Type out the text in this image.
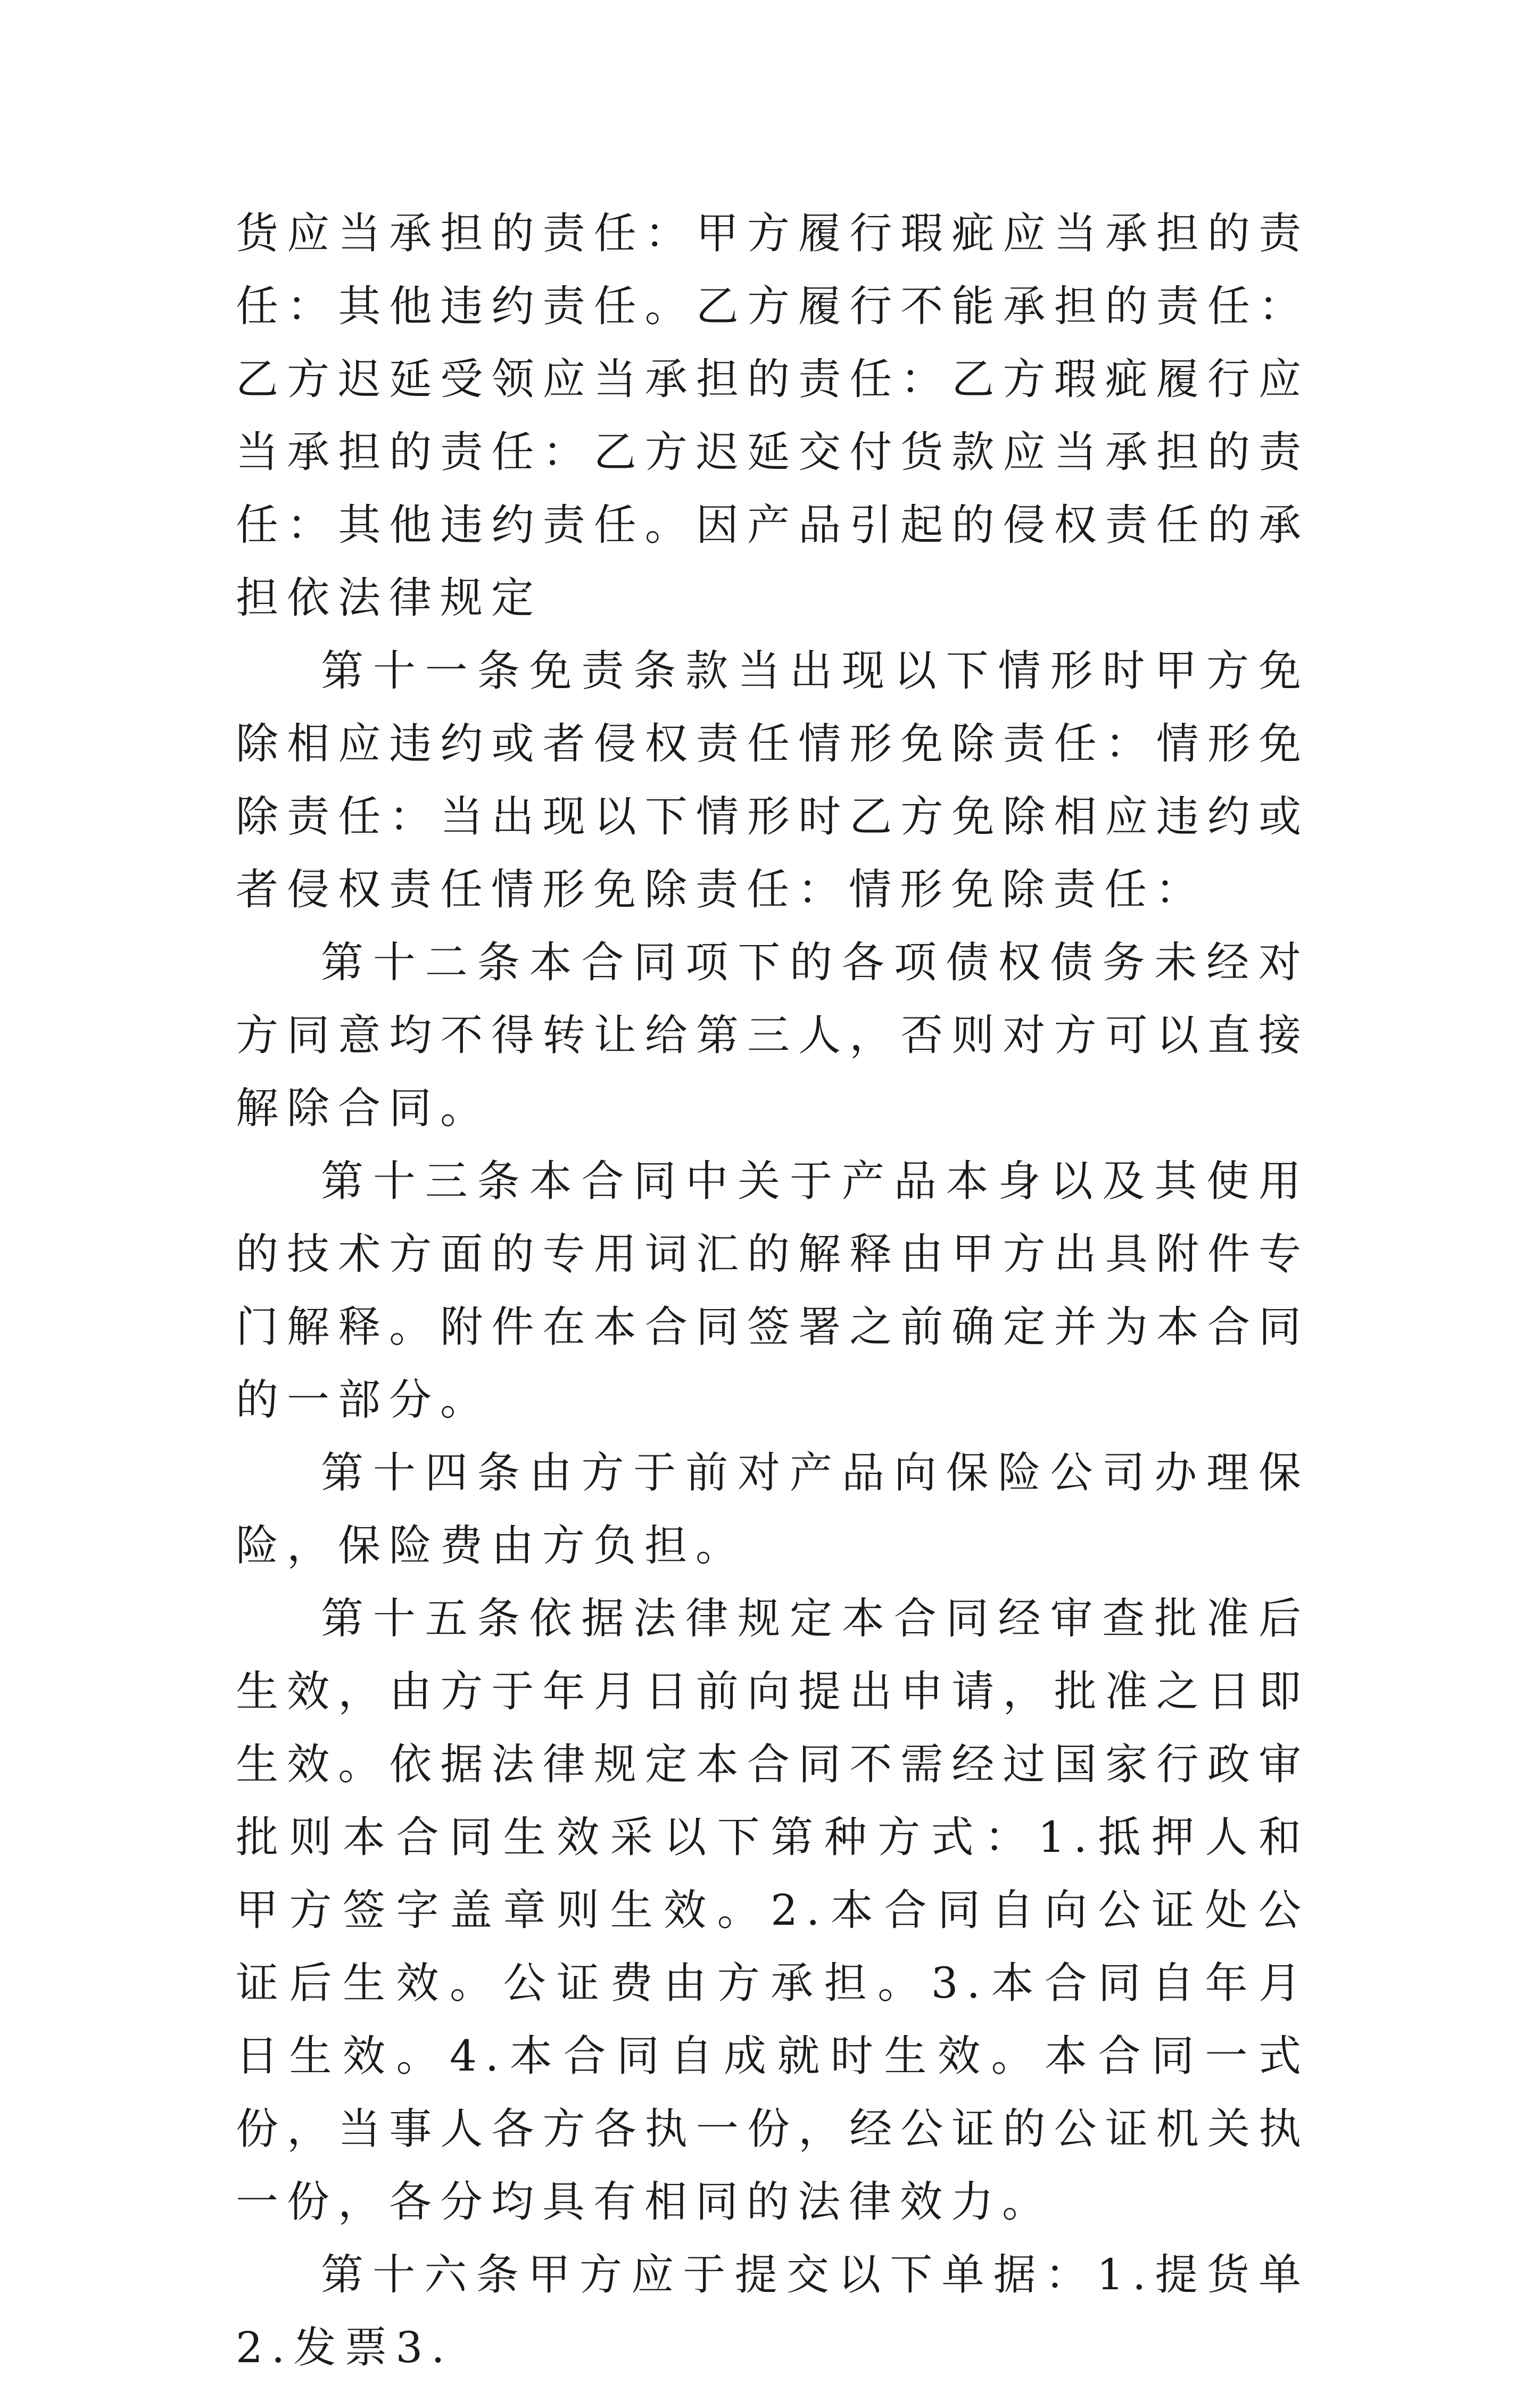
货应当承担的责任：甲方履行瑕疵应当承担的责任：其他违约责任。乙方履行不能承担的责任：乙方迟延受领应当承担的责任：乙方瑕疵履行应当承担的责任：乙方迟延交付货款应当承担的责任：其他违约责任。因产品引起的侵权责任的承担依法律规定

第十一条免责条款当出现以下情形时甲方免除相应违约或者侵权责任情形免除责任：情形免除责任：当出现以下情形时乙方免除相应违约或者侵权责任情形免除责任：情形免除责任：

第十二条本合同项下的各项债权债务未经对方同意均不得转让给第三人，否则对方可以直接解除合同。

第十三条本合同中关于产品本身以及其使用的技术方面的专用词汇的解释由甲方出具附件专门解释。附件在本合同签署之前确定并为本合同的一部分。

第十四条由方于前对产品向保险公司办理保险，保险费由方负担。

第十五条依据法律规定本合同经审查批准后生效，由方于年月日前向提出申请，批准之日即生效。依据法律规定本合同不需经过国家行政审批则本合同生效采以下第种方式：1.抵押人和甲方签字盖章则生效。2.本合同自向公证处公证后生效。公证费由方承担。3.本合同自年月日生效。4.本合同自成就时生效。本合同一式份，当事人各方各执一份，经公证的公证机关执一份，各分均具有相同的法律效力。

第十六条甲方应于提交以下单据：1.提货单2.发票3.
